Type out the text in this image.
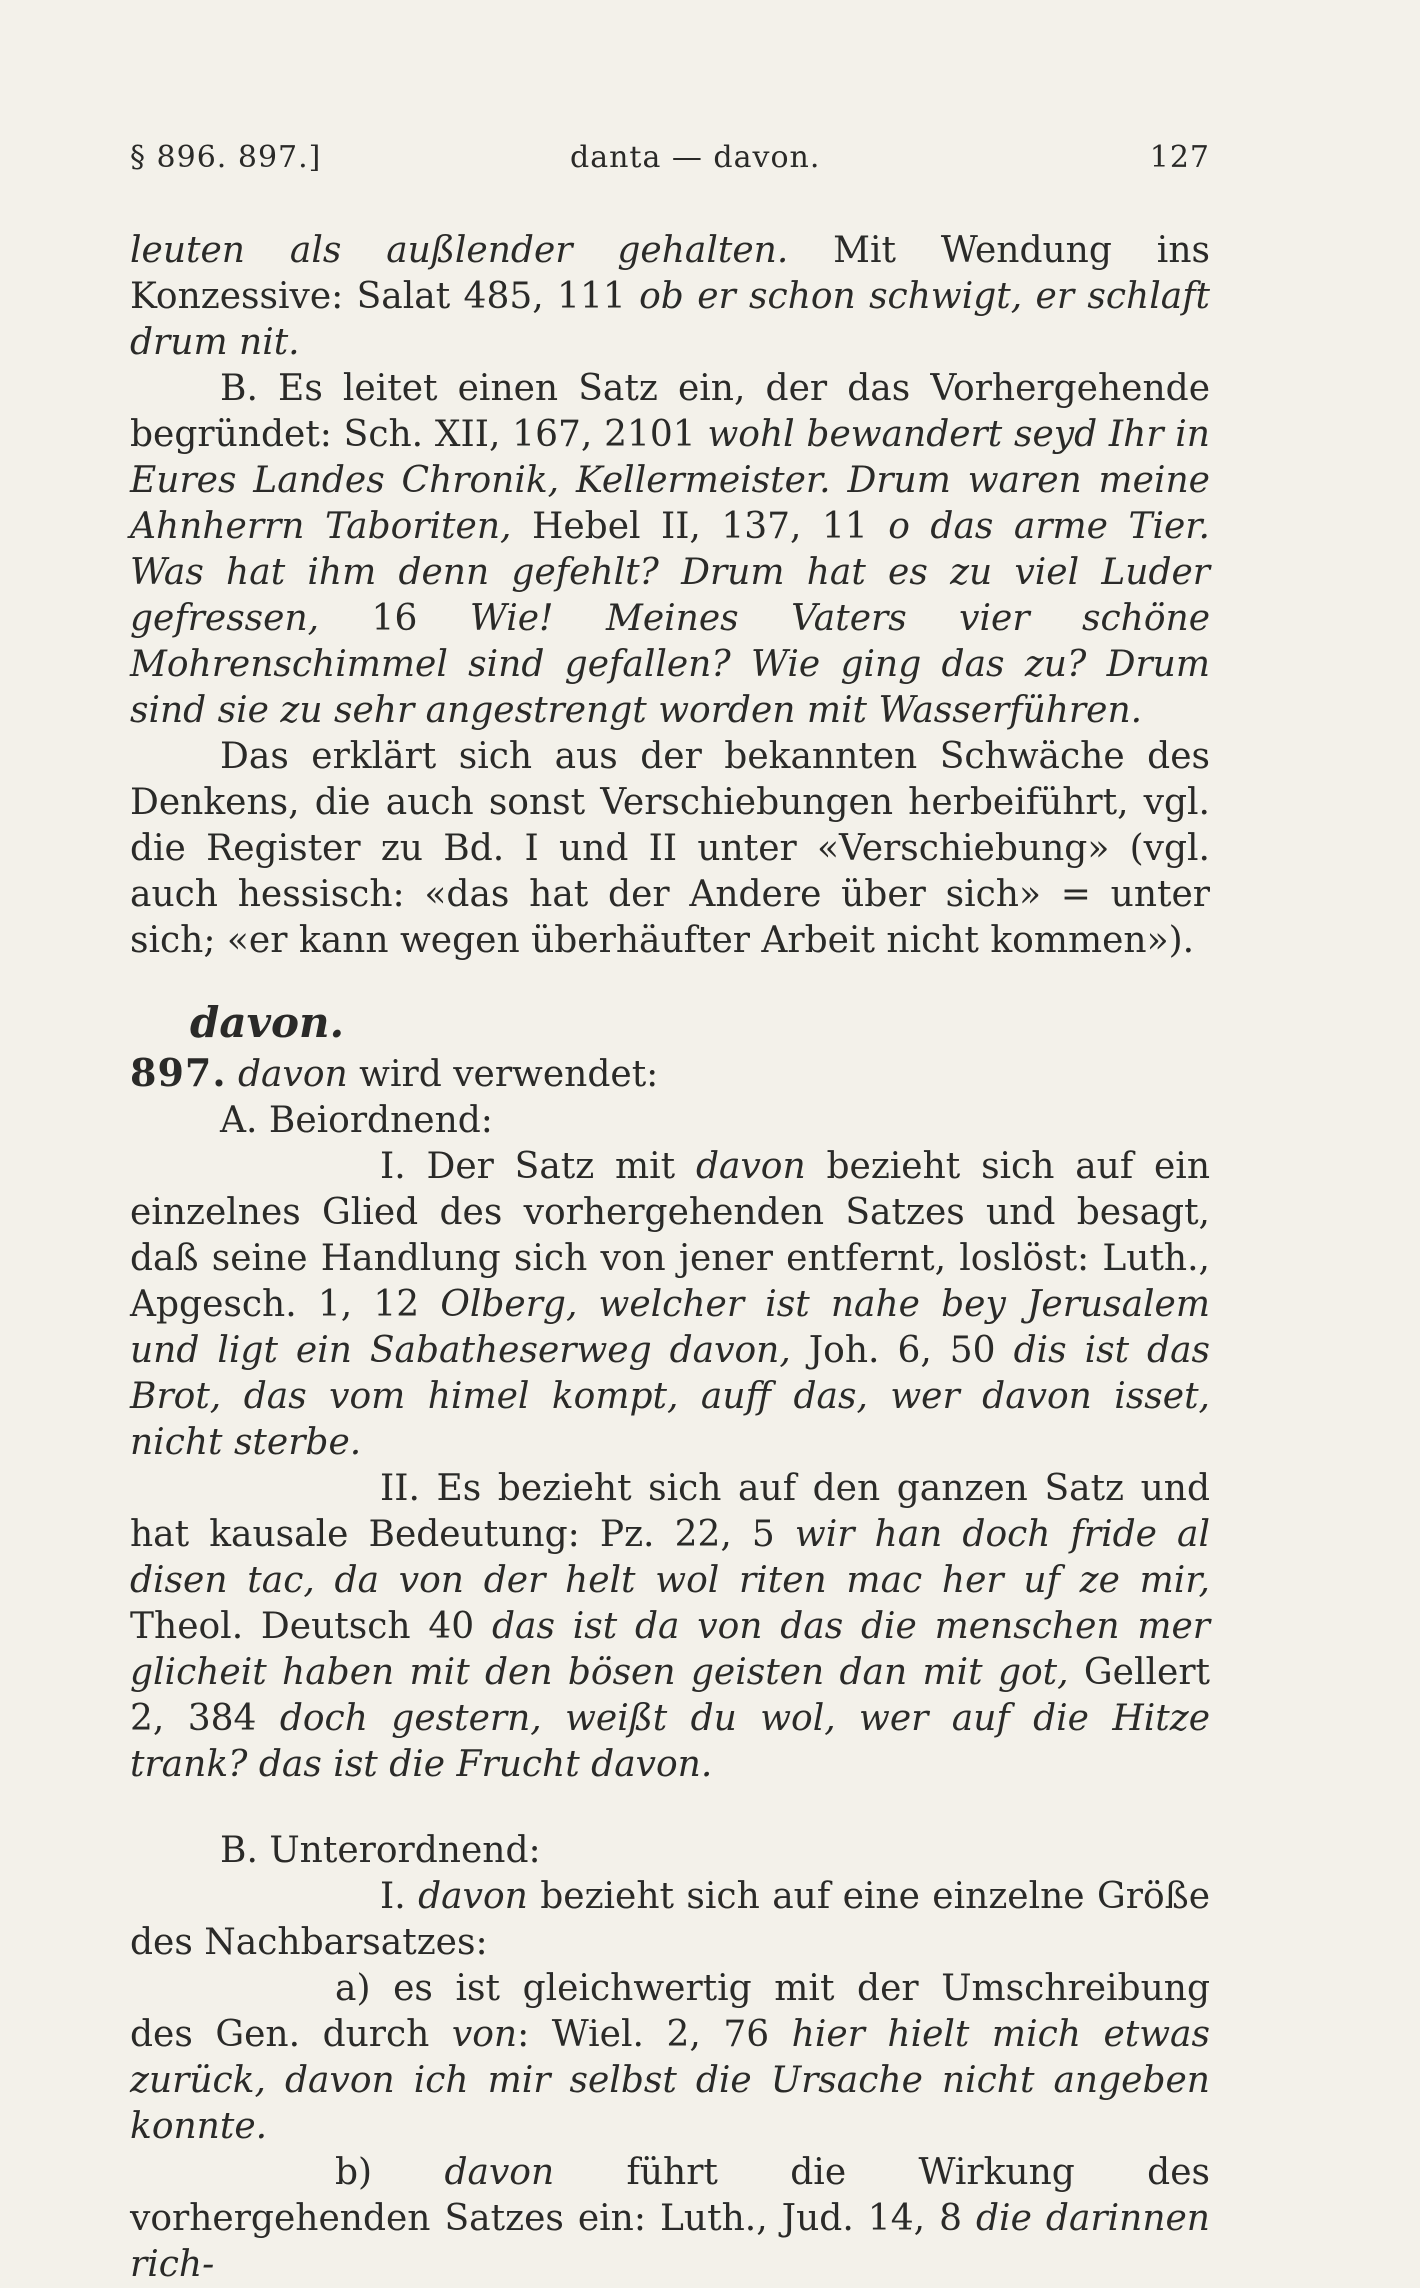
§ 896. 897.]	danta — davon.	127

leuten als außlender gehalten. Mit Wendung ins Konzessive: Salat 485, 111 ob er schon schwigt, er schlaft drum nit.

B. Es leitet einen Satz ein, der das Vorhergehende begründet: Sch. XII, 167, 2101 wohl bewandert seyd Ihr in Eures Landes Chronik, Kellermeister. Drum waren meine Ahnherrn Taboriten, Hebel II, 137, 11 o das arme Tier. Was hat ihm denn gefehlt? Drum hat es zu viel Luder gefressen, 16 Wie! Meines Vaters vier schöne Mohrenschimmel sind gefallen? Wie ging das zu? Drum sind sie zu sehr angestrengt worden mit Wasserführen.

Das erklärt sich aus der bekannten Schwäche des Denkens, die auch sonst Verschiebungen herbeiführt, vgl. die Register zu Bd. I und II unter «Verschiebung» (vgl. auch hessisch: «das hat der Andere über sich» = unter sich; «er kann wegen überhäufter Arbeit nicht kommen»).

davon.

897. davon wird verwendet:

A. Beiordnend:

I. Der Satz mit davon bezieht sich auf ein einzelnes Glied des vorhergehenden Satzes und besagt, daß seine Handlung sich von jener entfernt, loslöst: Luth., Apgesch. 1, 12 Olberg, welcher ist nahe bey Jerusalem und ligt ein Sabatheserweg davon, Joh. 6, 50 dis ist das Brot, das vom himel kompt, auff das, wer davon isset, nicht sterbe.

II. Es bezieht sich auf den ganzen Satz und hat kausale Bedeutung: Pz. 22, 5 wir han doch fride al disen tac, da von der helt wol riten mac her uf ze mir, Theol. Deutsch 40 das ist da von das die menschen mer glicheit haben mit den bösen geisten dan mit got, Gellert 2, 384 doch gestern, weißt du wol, wer auf die Hitze trank? das ist die Frucht davon.

B. Unterordnend:

I. davon bezieht sich auf eine einzelne Größe des Nachbarsatzes:

a) es ist gleichwertig mit der Umschreibung des Gen. durch von: Wiel. 2, 76 hier hielt mich etwas zurück, davon ich mir selbst die Ursache nicht angeben konnte.

b) davon führt die Wirkung des vorhergehenden Satzes ein: Luth., Jud. 14, 8 die darinnen rich-
